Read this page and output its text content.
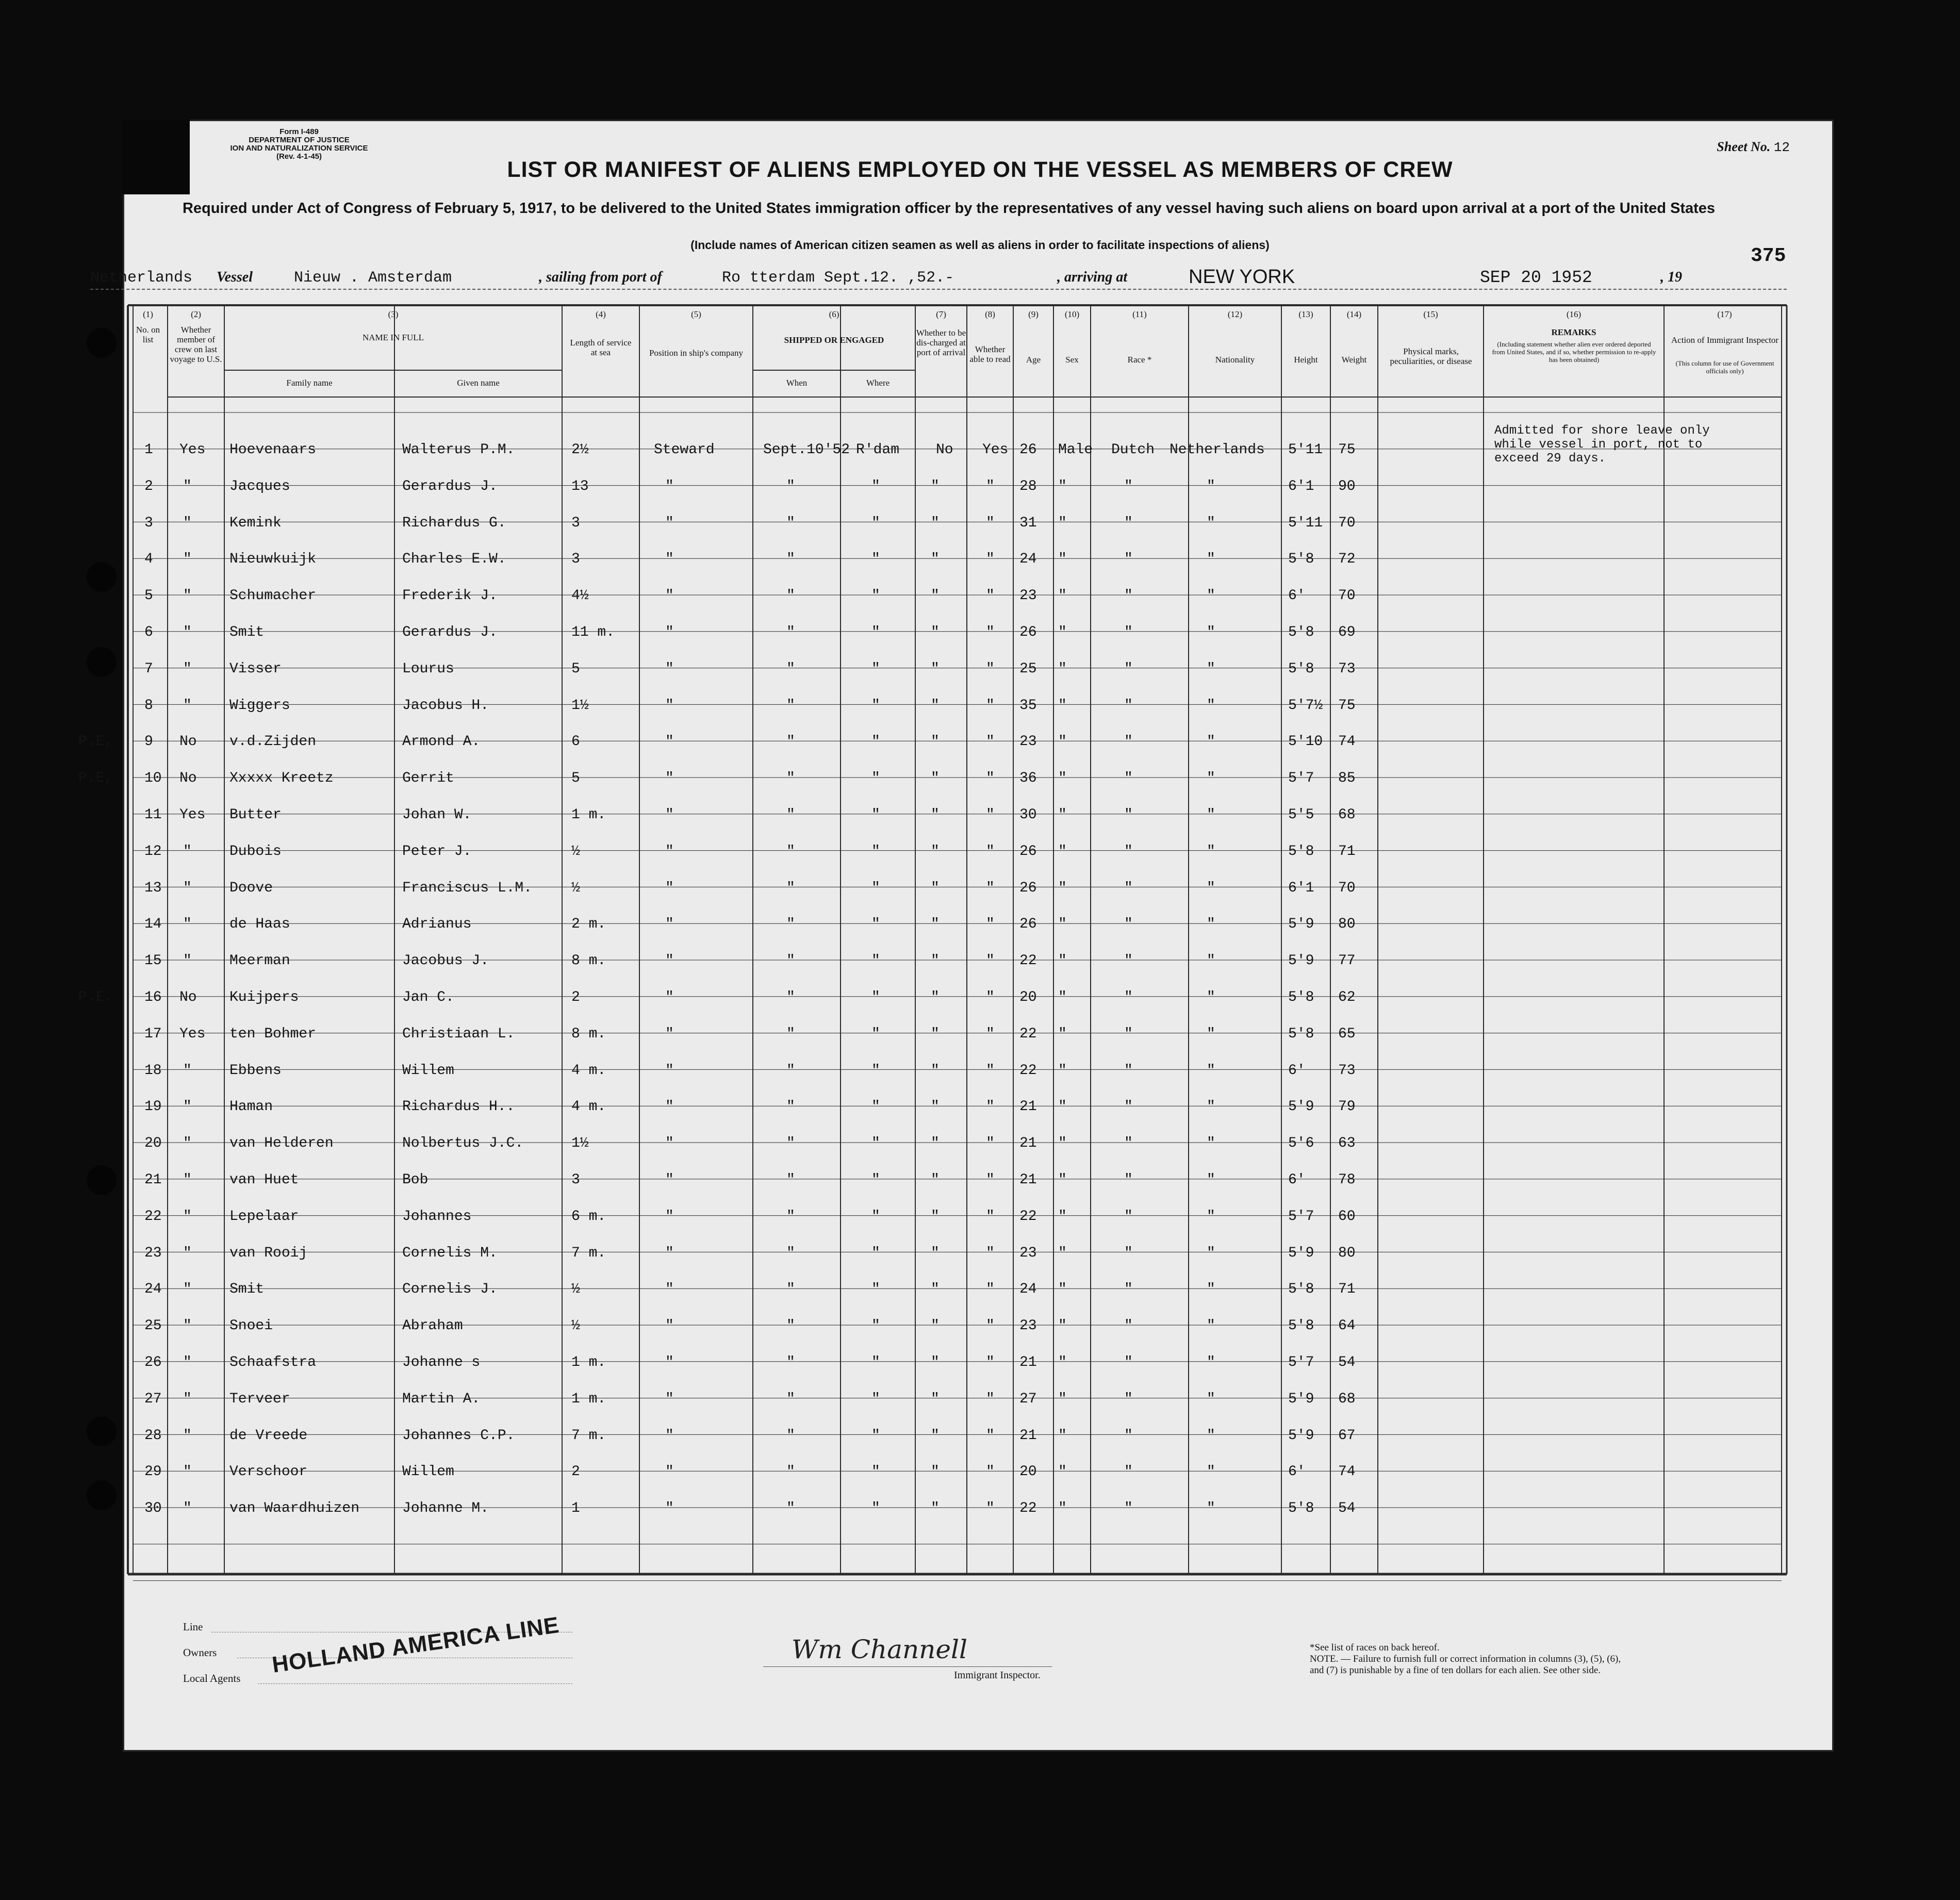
Form I-489
DEPARTMENT OF JUSTICE
ION AND NATURALIZATION SERVICE
(Rev. 4-1-45)
Sheet No. 12
LIST OR MANIFEST OF ALIENS EMPLOYED ON THE VESSEL AS MEMBERS OF CREW
Required under Act of Congress of February 5, 1917, to be delivered to the United States immigration officer by the representatives of any vessel having such aliens on board upon arrival at a port of the United States
(Include names of American citizen seamen as well as aliens in order to facilitate inspections of aliens)	375
Netherlands Vessel	Nieuw . Amsterdam	, sailing from port of	Ro tterdam Sept.12. ,52.-	, arriving at	NEW YORK	SEP 20 1952	, 19
(1)
No. on list
(2)
Whether member of crew on last voyage to U.S.
(3)
NAME IN FULL
Family name	Given name
(4)
Length of service at sea
(5)
Position in ship's company
(6)
SHIPPED OR ENGAGED
When	Where
(7)
Whether to be dis-charged at port of arrival
(8)
Whether able to read
(9)
Age
(10)
Sex
(11)
Race *
(12)
Nationality
(13)
Height
(14)
Weight
(15)
Physical marks, peculiarities, or disease
(16)
REMARKS
(Including statement whether alien ever ordered deported from United States, and if so, whether permission to re-apply has been obtained)
(17)
Action of Immigrant Inspector
(This column for use of Government officials only)
1 Yes Hoevenaars	Walterus P.M.	2½	Steward	Sept.10'52 R'dam	No Yes 26 Male Dutch Netherlands 5'11 75
2 "	Jacques	Gerardus J.	13	"	"	"	"	" 28 "	"	"	6'1 90
3 "	Kemink	Richardus G.	3	"	"	"	"	" 31 "	"	"	5'11 70
4 "	Nieuwkuijk	Charles E.W.	3	"	"	"	"	" 24 "	"	"	5'8 72
5 "	Schumacher	Frederik J.	4½	"	"	"	"	" 23 "	"	"	6' 70
6 "	Smit	Gerardus J.	11 m.	"	"	"	"	" 26 "	"	"	5'8 69
7 "	Visser	Lourus	5	"	"	"	"	" 25 "	"	"	5'8 73
8 "	Wiggers	Jacobus H.	1½	"	"	"	"	" 35 "	"	"	5'7½ 75
P.E, 9 No v.d.Zijden	Armond A.	6	"	"	"	"	" 23 "	"	"	5'10 74
P.E, 10 No Xxxxx Kreetz	Gerrit	5	"	"	"	"	" 36 "	"	"	5'7 85
11 Yes Butter	Johan W.	1 m.	"	"	"	"	" 30 "	"	"	5'5 68
12 "	Dubois	Peter J.	½	"	"	"	"	" 26 "	"	"	5'8 71
13 "	Doove	Franciscus L.M.	½	"	"	"	"	" 26 "	"	"	6'1 70
14 "	de Haas	Adrianus	2 m.	"	"	"	"	" 26 "	"	"	5'9 80
15 "	Meerman	Jacobus J.	8 m.	"	"	"	"	" 22 "	"	"	5'9 77
P.E. 16 No Kuijpers	Jan C.	2	"	"	"	"	" 20 "	"	"	5'8 62
17 Yes ten Bohmer	Christiaan L.	8 m.	"	"	"	"	" 22 "	"	"	5'8 65
18 "	Ebbens	Willem	4 m.	"	"	"	"	" 22 "	"	"	6' 73
19 "	Haman	Richardus H..	4 m.	"	"	"	"	" 21 "	"	"	5'9 79
20 "	van Helderen	Nolbertus J.C.	1½	"	"	"	"	" 21 "	"	"	5'6 63
21 "	van Huet	Bob	3	"	"	"	"	" 21 "	"	"	6' 78
22 "	Lepelaar	Johannes	6 m.	"	"	"	"	" 22 "	"	"	5'7 60
23 "	van Rooij	Cornelis M.	7 m.	"	"	"	"	" 23 "	"	"	5'9 80
24 "	Smit	Cornelis J.	½	"	"	"	"	" 24 "	"	"	5'8 71
25 "	Snoei	Abraham	½	"	"	"	"	" 23 "	"	"	5'8 64
26 "	Schaafstra	Johanne s	1 m.	"	"	"	"	" 21 "	"	"	5'7 54
27 "	Terveer	Martin A.	1 m.	"	"	"	"	" 27 "	"	"	5'9 68
28 "	de Vreede	Johannes C.P.	7 m.	"	"	"	"	" 21 "	"	"	5'9 67
29 "	Verschoor	Willem	2	"	"	"	"	" 20 "	"	"	6' 74
30 "	van Waardhuizen	Johanne M.	1	"	"	"	"	" 22 "	"	"	5'8 54
Admitted for shore leave only
while vessel in port, not to
exceed 29 days.
Line
Owners
Local Agents
HOLLAND AMERICA LINE	Wm Channell
Immigrant Inspector.
*See list of races on back hereof.
NOTE. — Failure to furnish full or correct information in columns (3), (5), (6), and (7) is punishable by a fine of ten dollars for each alien. See other side.
